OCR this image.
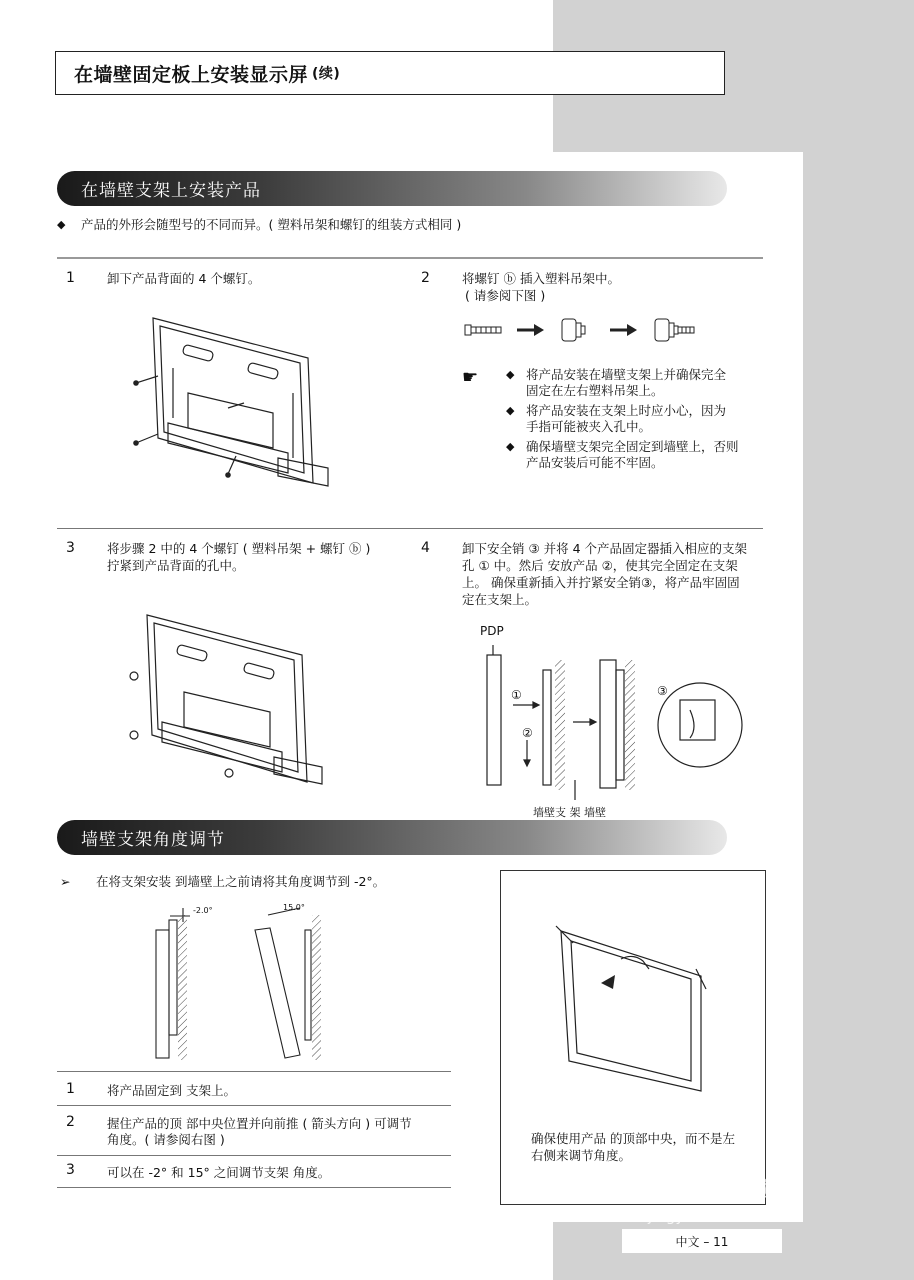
在墙壁固定板上安装显示屏 (续)
在墙壁支架上安装产品
◆	产品的外形会随型号的不同而异。( 塑料吊架和螺钉的组装方式相同 )
1	卸下产品背面的 4 个螺钉。	2	将螺钉 ⓑ 插入塑料吊架中。
( 请参阅下图 )
☛	◆ 将产品安装在墙壁支架上并确保完全
固定在左右塑料吊架上。
◆ 将产品安装在支架上时应小心，因为
手指可能被夹入孔中。
◆ 确保墙壁支架完全固定到墙壁上，否则
产品安装后可能不牢固。
3	将步骤 2 中的 4 个螺钉 ( 塑料吊架 + 螺钉 ⓑ )
拧紧到产品背面的孔中。
4	卸下安全销 ③ 并将 4 个产品固定器插入相应的支架
孔 ① 中。然后 安放产品 ②，使其完全固定在支架
上。 确保重新插入并拧紧安全销③，将产品牢固固
定在支架上。
PDP
①
②
③
墙壁支 架 墙壁
墙壁支架角度调节
➢	在将支架安装 到墙壁上之前请将其角度调节到 -2°。
-2.0°	15.0°
1	将产品固定到 支架上。
2	握住产品的顶 部中央位置并向前推 ( 箭头方向 ) 可调节
角度。( 请参阅右图 )
3	可以在 -2° 和 15° 之间调节支架 角度。
确保使用产品 的顶部中央，而不是左
右侧来调节角度。
中文 – 11
Bai经验
jingyan.baidu.com
